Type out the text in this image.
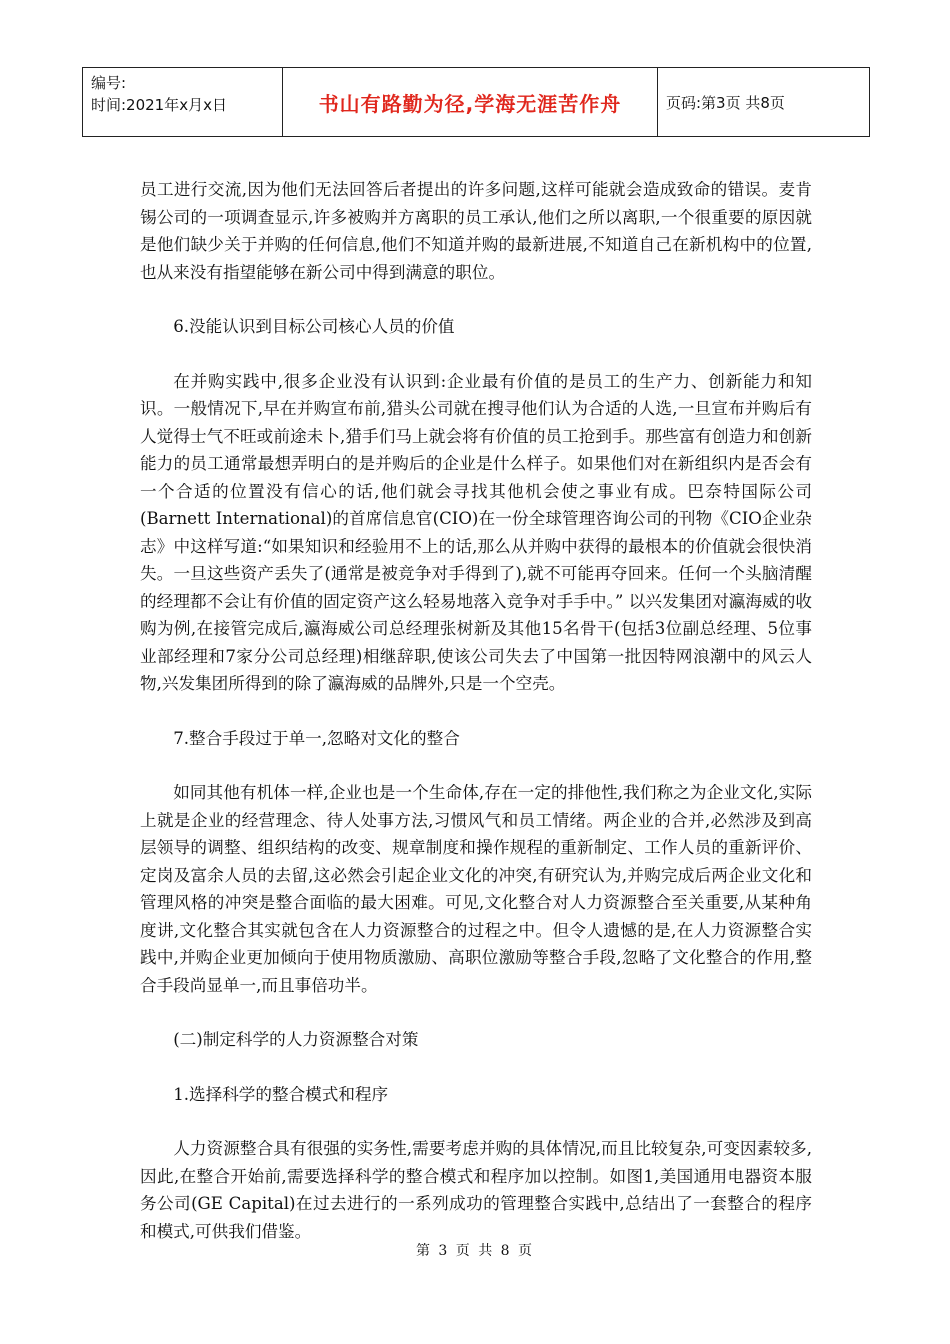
编号:
时间:2021年x月x日	书山有路勤为径,学海无涯苦作舟	页码:第3页 共8页

员工进行交流,因为他们无法回答后者提出的许多问题,这样可能就会造成致命的错误。麦肯锡公司的一项调查显示,许多被购并方离职的员工承认,他们之所以离职,一个很重要的原因就是他们缺少关于并购的任何信息,他们不知道并购的最新进展,不知道自己在新机构中的位置,也从来没有指望能够在新公司中得到满意的职位。

6.没能认识到目标公司核心人员的价值

在并购实践中,很多企业没有认识到:企业最有价值的是员工的生产力、创新能力和知识。一般情况下,早在并购宣布前,猎头公司就在搜寻他们认为合适的人选,一旦宣布并购后有人觉得士气不旺或前途未卜,猎手们马上就会将有价值的员工抢到手。那些富有创造力和创新能力的员工通常最想弄明白的是并购后的企业是什么样子。如果他们对在新组织内是否会有一个合适的位置没有信心的话,他们就会寻找其他机会使之事业有成。巴奈特国际公司(Barnett International)的首席信息官(CIO)在一份全球管理咨询公司的刊物《CIO企业杂志》中这样写道:“如果知识和经验用不上的话,那么从并购中获得的最根本的价值就会很快消失。一旦这些资产丢失了(通常是被竞争对手得到了),就不可能再夺回来。任何一个头脑清醒的经理都不会让有价值的固定资产这么轻易地落入竞争对手手中。” 以兴发集团对瀛海威的收购为例,在接管完成后,瀛海威公司总经理张树新及其他15名骨干(包括3位副总经理、5位事业部经理和7家分公司总经理)相继辞职,使该公司失去了中国第一批因特网浪潮中的风云人物,兴发集团所得到的除了瀛海威的品牌外,只是一个空壳。

7.整合手段过于单一,忽略对文化的整合

如同其他有机体一样,企业也是一个生命体,存在一定的排他性,我们称之为企业文化,实际上就是企业的经营理念、待人处事方法,习惯风气和员工情绪。两企业的合并,必然涉及到高层领导的调整、组织结构的改变、规章制度和操作规程的重新制定、工作人员的重新评价、定岗及富余人员的去留,这必然会引起企业文化的冲突,有研究认为,并购完成后两企业文化和管理风格的冲突是整合面临的最大困难。可见,文化整合对人力资源整合至关重要,从某种角度讲,文化整合其实就包含在人力资源整合的过程之中。但令人遗憾的是,在人力资源整合实践中,并购企业更加倾向于使用物质激励、高职位激励等整合手段,忽略了文化整合的作用,整合手段尚显单一,而且事倍功半。

(二)制定科学的人力资源整合对策

1.选择科学的整合模式和程序

人力资源整合具有很强的实务性,需要考虑并购的具体情况,而且比较复杂,可变因素较多,因此,在整合开始前,需要选择科学的整合模式和程序加以控制。如图1,美国通用电器资本服务公司(GE Capital)在过去进行的一系列成功的管理整合实践中,总结出了一套整合的程序和模式,可供我们借鉴。

第 3 页 共 8 页
